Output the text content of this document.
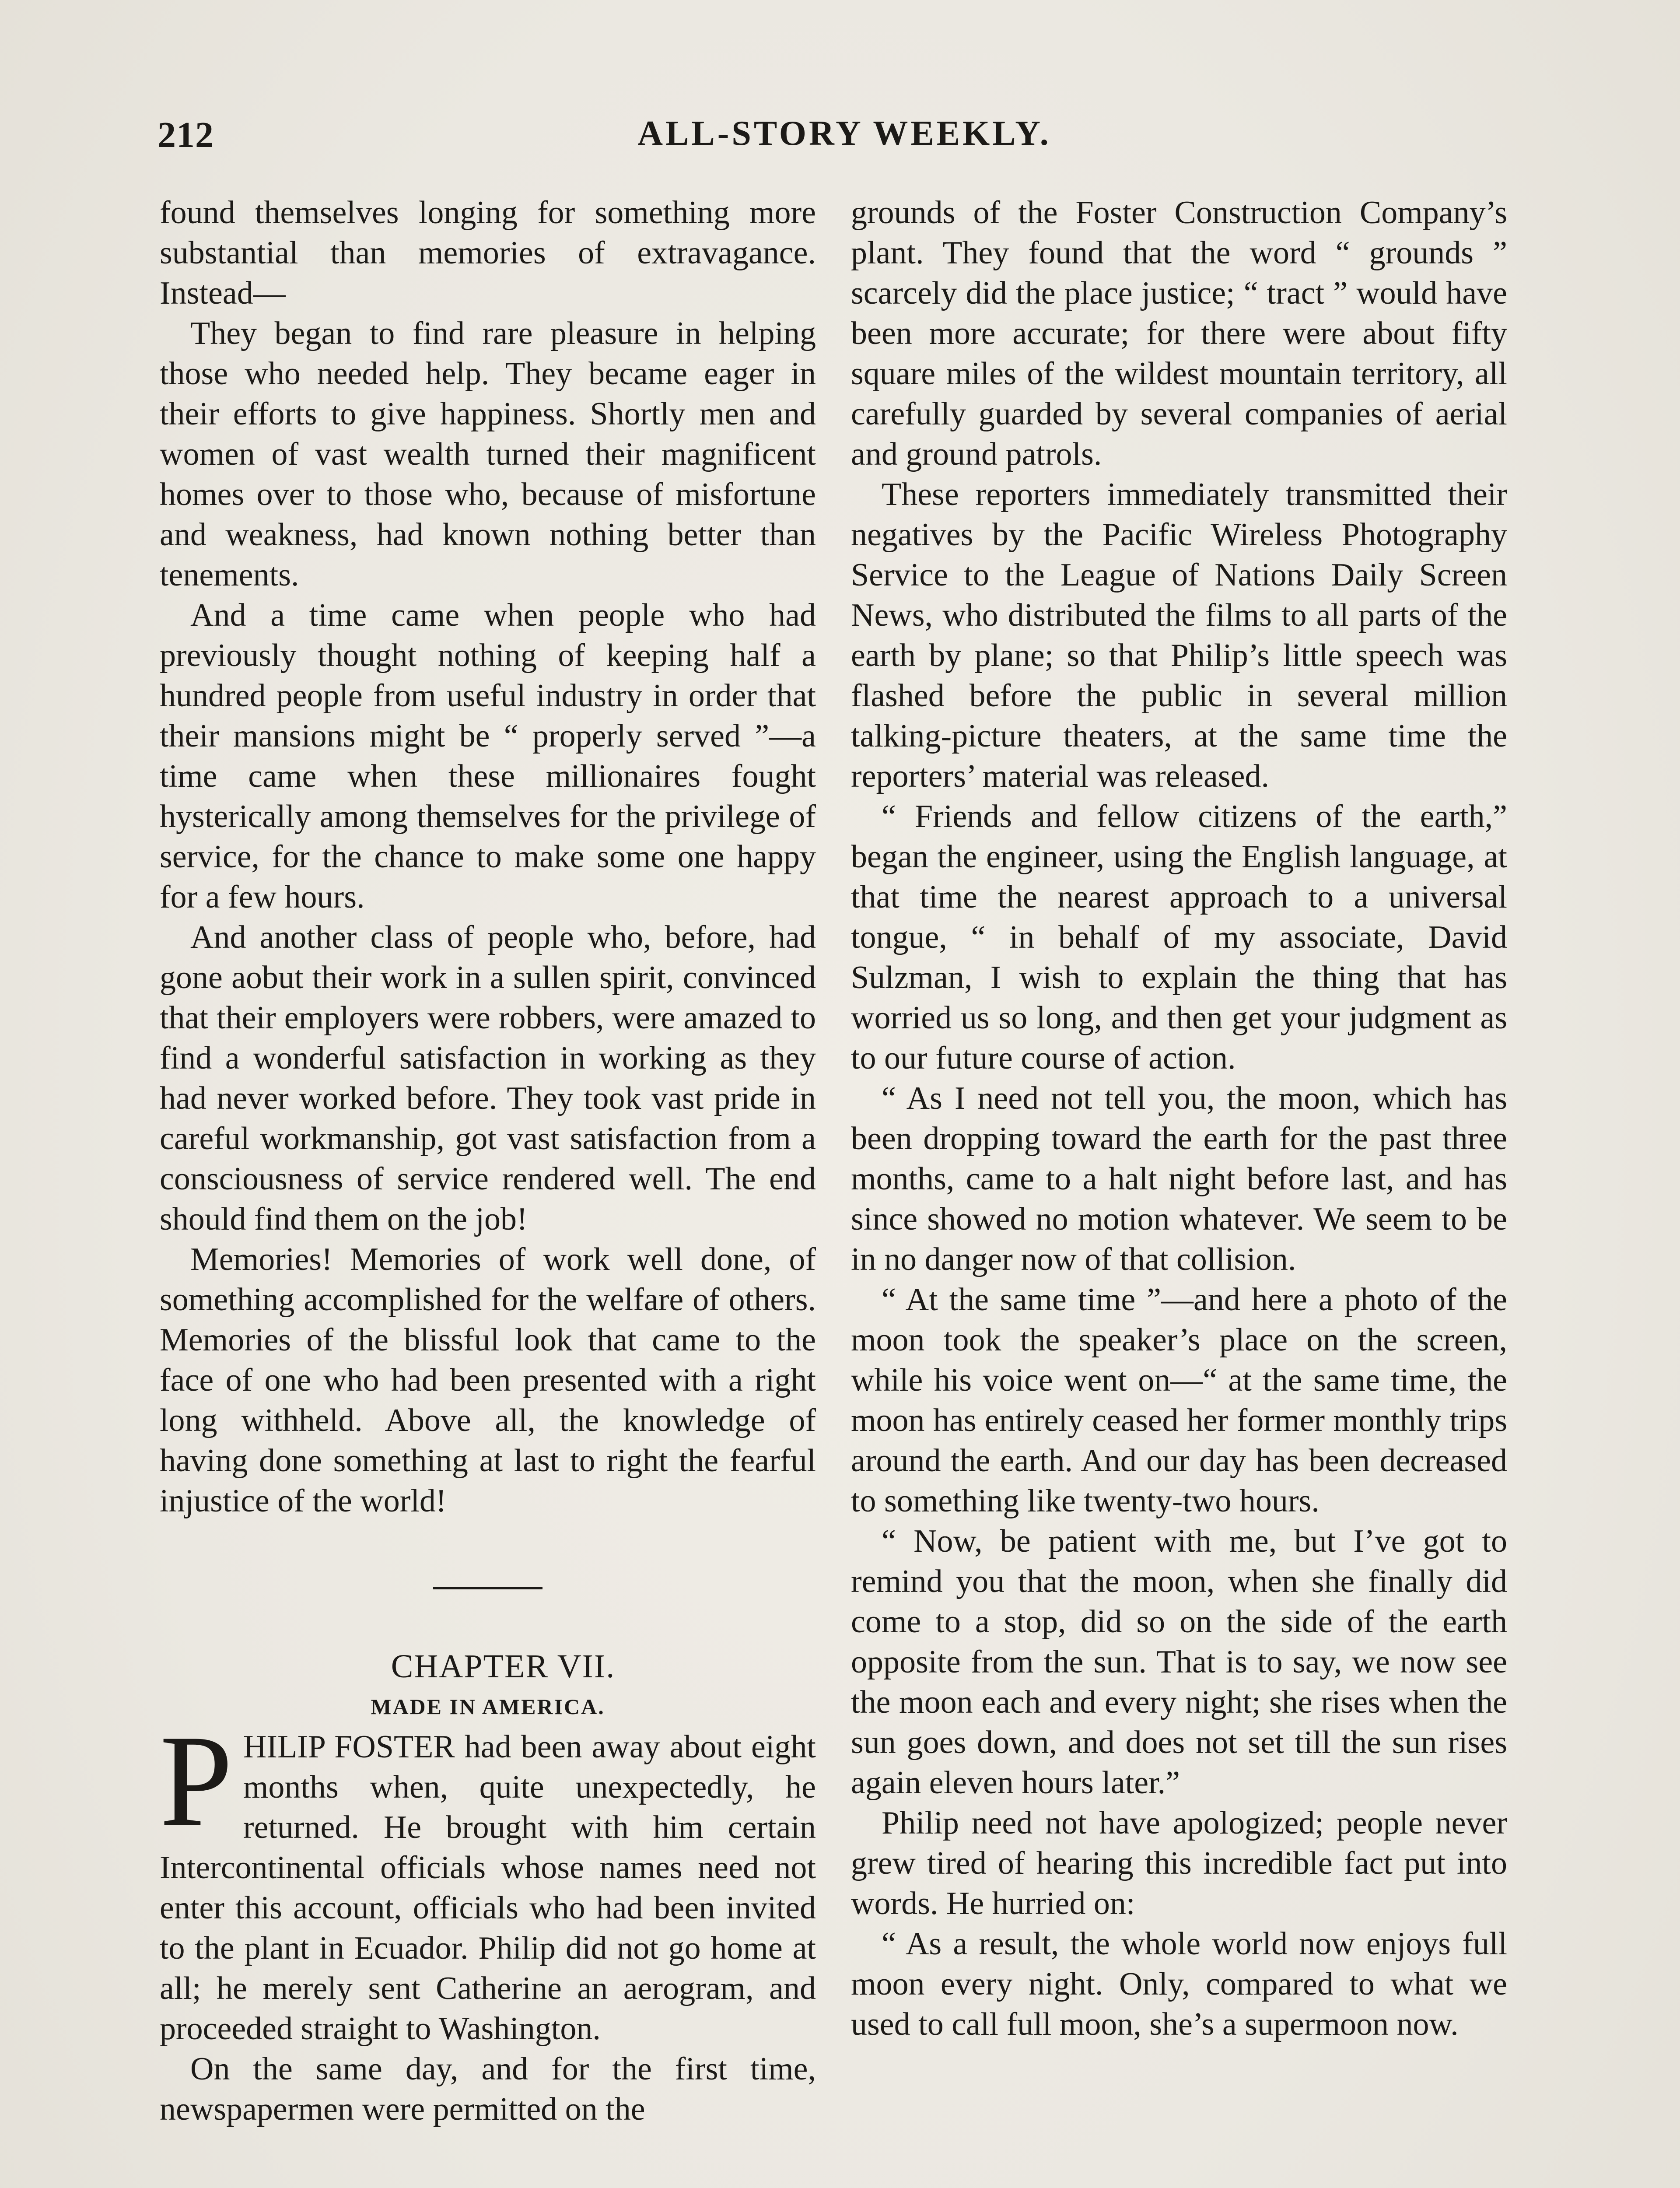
212	ALL-STORY WEEKLY.

found themselves longing for something more substantial than memories of extravagance. Instead—

They began to find rare pleasure in helping those who needed help. They became eager in their efforts to give happiness. Shortly men and women of vast wealth turned their magnificent homes over to those who, because of misfortune and weakness, had known nothing better than tenements.

And a time came when people who had previously thought nothing of keeping half a hundred people from useful industry in order that their mansions might be “ properly served ”—a time came when these millionaires fought hysterically among themselves for the privilege of service, for the chance to make some one happy for a few hours.

And another class of people who, before, had gone aobut their work in a sullen spirit, convinced that their employers were robbers, were amazed to find a wonderful satisfaction in working as they had never worked before. They took vast pride in careful workmanship, got vast satisfaction from a consciousness of service rendered well. The end should find them on the job!

Memories! Memories of work well done, of something accomplished for the welfare of others. Memories of the blissful look that came to the face of one who had been presented with a right long withheld. Above all, the knowledge of having done something at last to right the fearful injustice of the world!

CHAPTER VII.

MADE IN AMERICA.

PHILIP FOSTER had been away about eight months when, quite unexpectedly, he returned. He brought with him certain Intercontinental officials whose names need not enter this account, officials who had been invited to the plant in Ecuador. Philip did not go home at all; he merely sent Catherine an aerogram, and proceeded straight to Washington.

On the same day, and for the first time, newspapermen were permitted on the

grounds of the Foster Construction Company’s plant. They found that the word “ grounds ” scarcely did the place justice; “ tract ” would have been more accurate; for there were about fifty square miles of the wildest mountain territory, all carefully guarded by several companies of aerial and ground patrols.

These reporters immediately transmitted their negatives by the Pacific Wireless Photography Service to the League of Nations Daily Screen News, who distributed the films to all parts of the earth by plane; so that Philip’s little speech was flashed before the public in several million talking-picture theaters, at the same time the reporters’ material was released.

“ Friends and fellow citizens of the earth,” began the engineer, using the English language, at that time the nearest approach to a universal tongue, “ in behalf of my associate, David Sulzman, I wish to explain the thing that has worried us so long, and then get your judgment as to our future course of action.

“ As I need not tell you, the moon, which has been dropping toward the earth for the past three months, came to a halt night before last, and has since showed no motion whatever. We seem to be in no danger now of that collision.

“ At the same time ”—and here a photo of the moon took the speaker’s place on the screen, while his voice went on—“ at the same time, the moon has entirely ceased her former monthly trips around the earth. And our day has been decreased to something like twenty-two hours.

“ Now, be patient with me, but I’ve got to remind you that the moon, when she finally did come to a stop, did so on the side of the earth opposite from the sun. That is to say, we now see the moon each and every night; she rises when the sun goes down, and does not set till the sun rises again eleven hours later.”

Philip need not have apologized; people never grew tired of hearing this incredible fact put into words. He hurried on:

“ As a result, the whole world now enjoys full moon every night. Only, compared to what we used to call full moon, she’s a supermoon now.
